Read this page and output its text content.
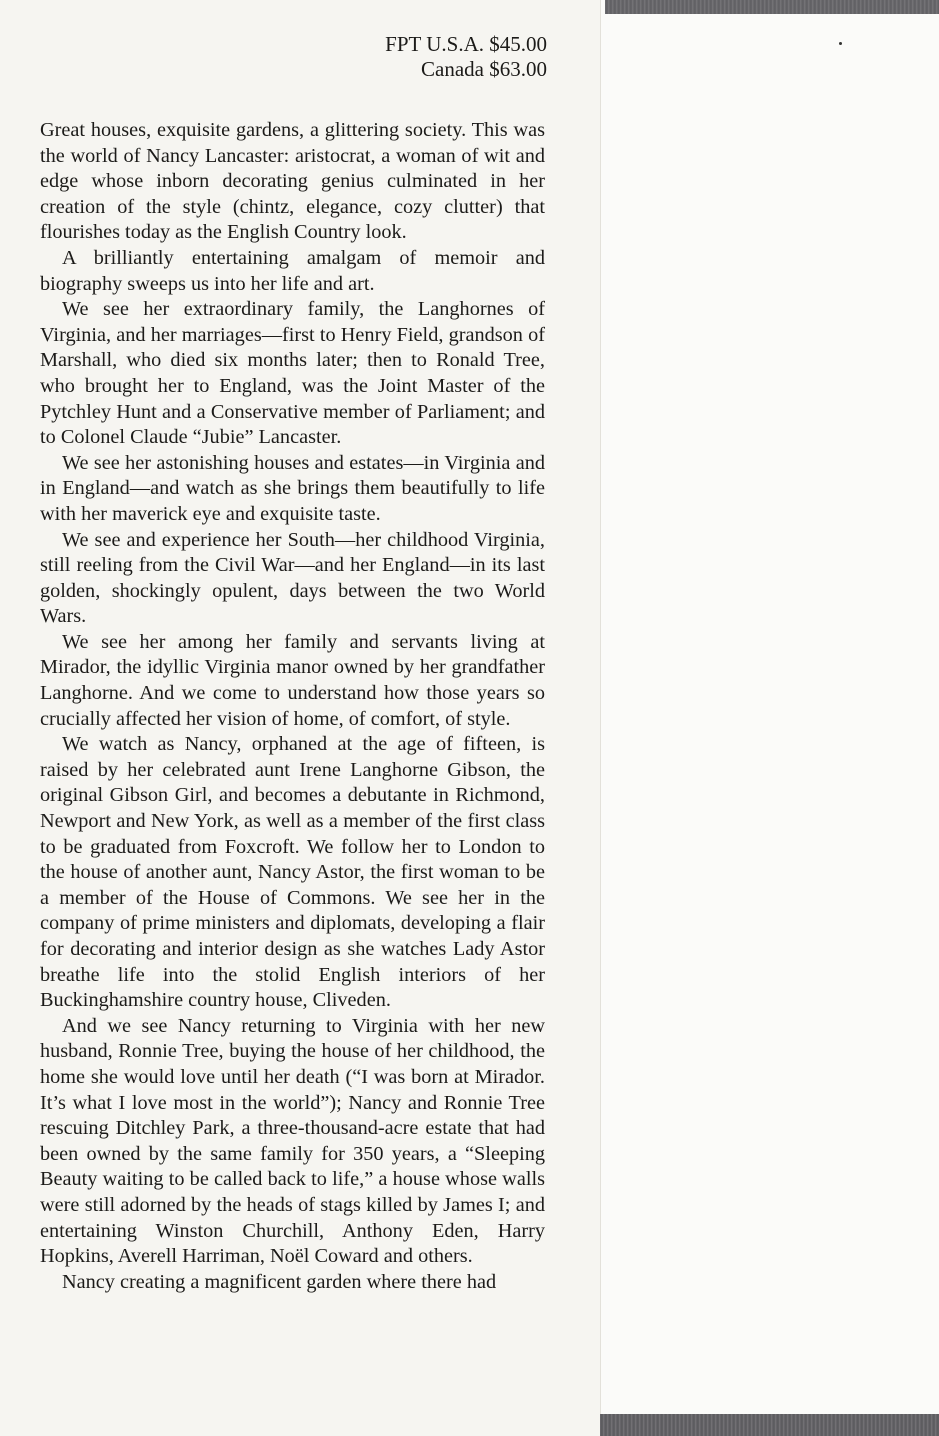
FPT U.S.A. $45.00
Canada $63.00

Great houses, exquisite gardens, a glittering society. This was the world of Nancy Lancaster: aristocrat, a woman of wit and edge whose inborn decorating genius culminated in her creation of the style (chintz, elegance, cozy clutter) that flourishes today as the English Country look.

A brilliantly entertaining amalgam of memoir and biography sweeps us into her life and art.

We see her extraordinary family, the Langhornes of Virginia, and her marriages—first to Henry Field, grandson of Marshall, who died six months later; then to Ronald Tree, who brought her to England, was the Joint Master of the Pytchley Hunt and a Conservative member of Parliament; and to Colonel Claude “Jubie” Lancaster.

We see her astonishing houses and estates—in Virginia and in England—and watch as she brings them beautifully to life with her maverick eye and exquisite taste.

We see and experience her South—her childhood Virginia, still reeling from the Civil War—and her England—in its last golden, shockingly opulent, days between the two World Wars.

We see her among her family and servants living at Mirador, the idyllic Virginia manor owned by her grandfather Langhorne. And we come to understand how those years so crucially affected her vision of home, of comfort, of style.

We watch as Nancy, orphaned at the age of fifteen, is raised by her celebrated aunt Irene Langhorne Gibson, the original Gibson Girl, and becomes a debutante in Richmond, Newport and New York, as well as a member of the first class to be graduated from Foxcroft. We follow her to London to the house of another aunt, Nancy Astor, the first woman to be a member of the House of Commons. We see her in the company of prime ministers and diplomats, developing a flair for decorating and interior design as she watches Lady Astor breathe life into the stolid English interiors of her Buckinghamshire country house, Cliveden.

And we see Nancy returning to Virginia with her new husband, Ronnie Tree, buying the house of her childhood, the home she would love until her death (“I was born at Mirador. It’s what I love most in the world”); Nancy and Ronnie Tree rescuing Ditchley Park, a three-thousand-acre estate that had been owned by the same family for 350 years, a “Sleeping Beauty waiting to be called back to life,” a house whose walls were still adorned by the heads of stags killed by James I; and entertaining Winston Churchill, Anthony Eden, Harry Hopkins, Averell Harriman, Noël Coward and others.

Nancy creating a magnificent garden where there had
